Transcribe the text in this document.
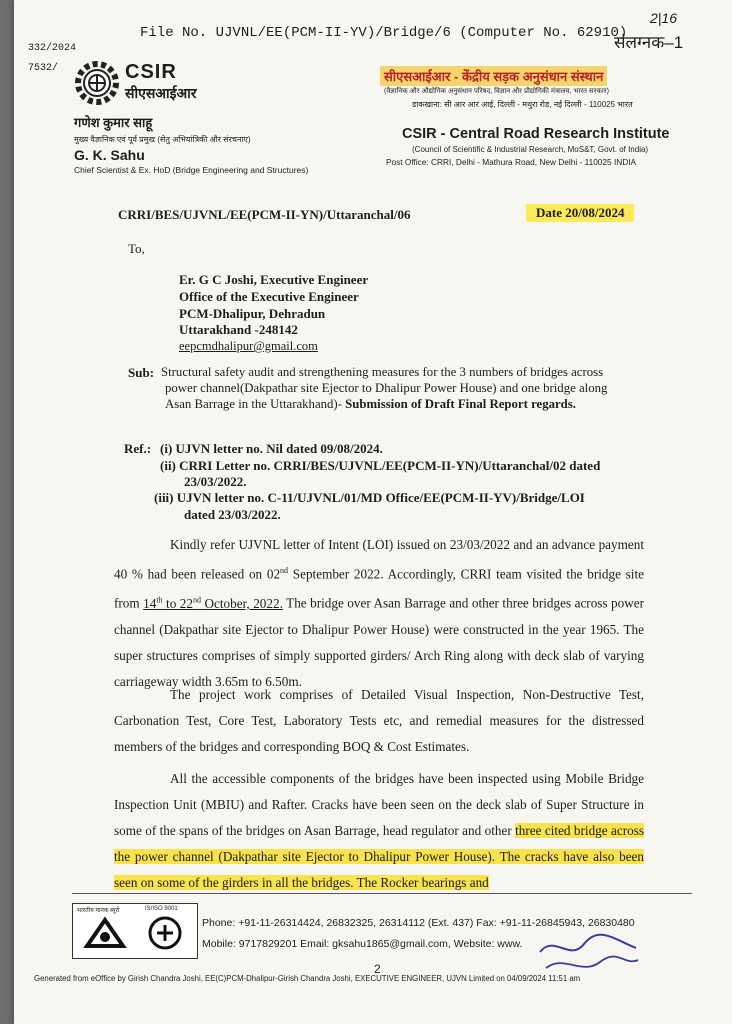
332/2024
7532/
File No. UJVNL/EE(PCM-II-YV)/Bridge/6 (Computer No. 62910)
2|16
संलग्नक–1
CSIR
सीएसआईआर
गणेश कुमार साहू
मुख्य वैज्ञानिक एवं पूर्व प्रमुख (सेतु अभियांत्रिकी और संरचनाए)
G. K. Sahu
Chief Scientist & Ex. HoD (Bridge Engineering and Structures)
सीएसआईआर - केंद्रीय सड़क अनुसंधान संस्थान
(वैज्ञानिक और औद्योगिक अनुसंधान परिषद, विज्ञान और प्रौद्योगिकी मंत्रालय, भारत सरकार)
डाकखाना: सी आर आर आई, दिल्ली - मथुरा रोड, नई दिल्ली - 110025 भारत
CSIR - Central Road Research Institute
(Council of Scientific & Industrial Research, MoS&T, Govt. of India)
Post Office: CRRI, Delhi - Mathura Road, New Delhi - 110025 INDIA
CRRI/BES/UJVNL/EE(PCM-II-YN)/Uttaranchal/06	Date 20/08/2024
To,
Er. G C Joshi, Executive Engineer
Office of the Executive Engineer
PCM-Dhalipur, Dehradun
Uttarakhand -248142
eepcmdhalipur@gmail.com
Sub: Structural safety audit and strengthening measures for the 3 numbers of bridges across
power channel(Dakpathar site Ejector to Dhalipur Power House) and one bridge along
Asan Barrage in the Uttarakhand)- Submission of Draft Final Report regards.
Ref.: (i) UJVN letter no. Nil dated 09/08/2024.
(ii) CRRI Letter no. CRRI/BES/UJVNL/EE(PCM-II-YN)/Uttaranchal/02 dated
23/03/2022.
(iii) UJVN letter no. C-11/UJVNL/01/MD Office/EE(PCM-II-YV)/Bridge/LOI
dated 23/03/2022.
Kindly refer UJVNL letter of Intent (LOI) issued on 23/03/2022 and an advance payment 40 % had been released on 02nd September 2022. Accordingly, CRRI team visited the bridge site from 14th to 22nd October, 2022. The bridge over Asan Barrage and other three bridges across power channel (Dakpathar site Ejector to Dhalipur Power House) were constructed in the year 1965. The super structures comprises of simply supported girders/ Arch Ring along with deck slab of varying carriageway width 3.65m to 6.50m.
The project work comprises of Detailed Visual Inspection, Non-Destructive Test, Carbonation Test, Core Test, Laboratory Tests etc, and remedial measures for the distressed members of the bridges and corresponding BOQ & Cost Estimates.
All the accessible components of the bridges have been inspected using Mobile Bridge Inspection Unit (MBIU) and Rafter. Cracks have been seen on the deck slab of Super Structure in some of the spans of the bridges on Asan Barrage, head regulator and other three cited bridge across the power channel (Dakpathar site Ejector to Dhalipur Power House). The cracks have also been seen on some of the girders in all the bridges. The Rocker bearings and
भारतीय मानक ब्यूरो	IS/ISO 9001
Phone: +91-11-26314424, 26832325, 26314112 (Ext. 437) Fax: +91-11-26845943, 26830480
Mobile: 9717829201 Email: gksahu1865@gmail.com, Website: www.
2
Generated from eOffice by Girish Chandra Joshi, EE(C)PCM-Dhalipur-Girish Chandra Joshi, EXECUTIVE ENGINEER, UJVN Limited on 04/09/2024 11:51 am
